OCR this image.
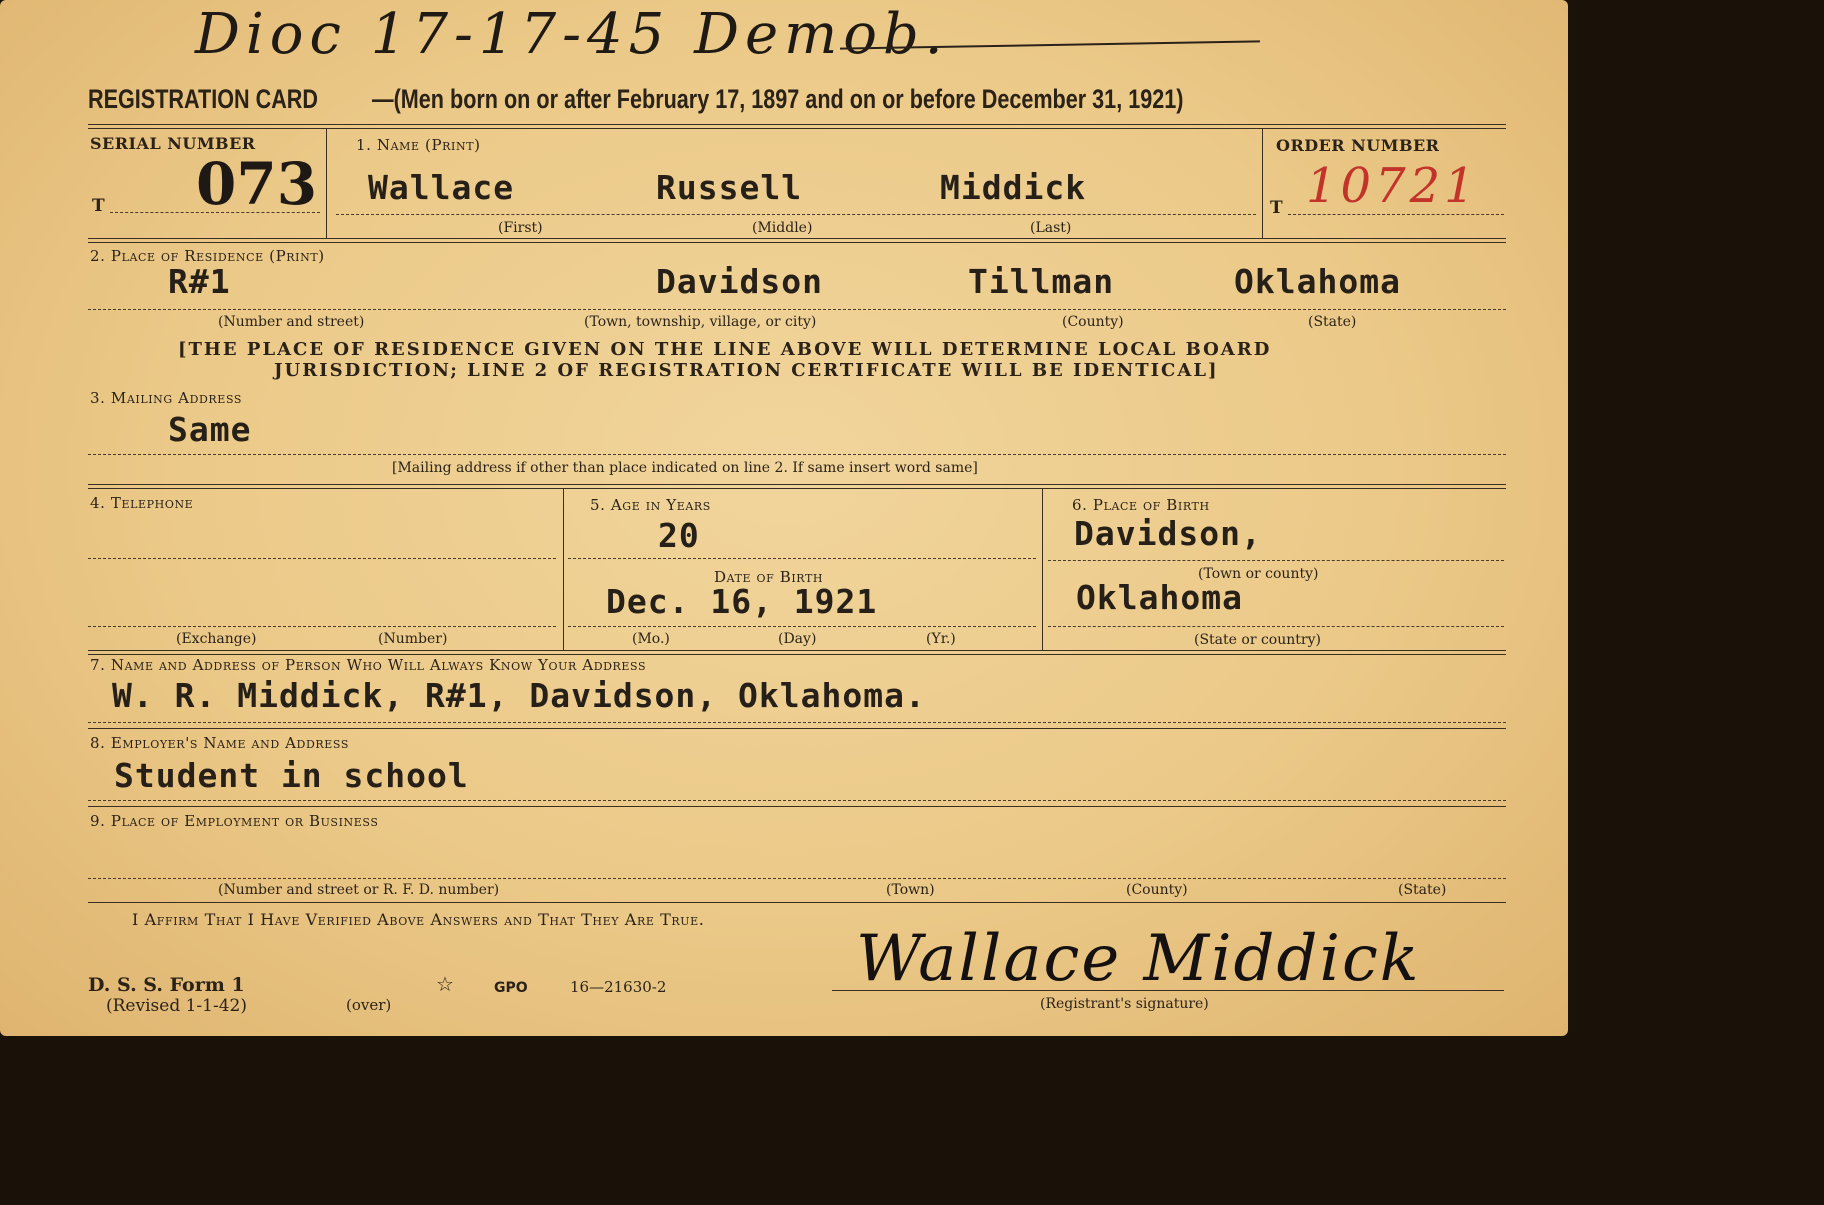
Dioc 17-17-45 Demob.
REGISTRATION CARD —(Men born on or after February 17, 1897 and on or before December 31, 1921)
SERIAL NUMBER
T 073
1. Name (Print)
Wallace	Russell	Middick
(First)	(Middle)	(Last)
ORDER NUMBER
T 10721
2. Place of Residence (Print)
R#1	Davidson	Tillman	Oklahoma
(Number and street)	(Town, township, village, or city)	(County)	(State)
[THE PLACE OF RESIDENCE GIVEN ON THE LINE ABOVE WILL DETERMINE LOCAL BOARD
JURISDICTION; LINE 2 OF REGISTRATION CERTIFICATE WILL BE IDENTICAL]
3. Mailing Address
Same
[Mailing address if other than place indicated on line 2. If same insert word same]
4. Telephone
(Exchange)	(Number)
5. Age in Years
20
Date of Birth
Dec. 16, 1921
(Mo.)	(Day)	(Yr.)
6. Place of Birth
Davidson,
(Town or county)
Oklahoma
(State or country)
7. Name and Address of Person Who Will Always Know Your Address
W. R. Middick, R#1, Davidson, Oklahoma.
8. Employer's Name and Address
Student in school
9. Place of Employment or Business
(Number and street or R. F. D. number)	(Town)	(County)	(State)
I Affirm That I Have Verified Above Answers and That They Are True.
Wallace Middick
(Registrant's signature)
D. S. S. Form 1
(Revised 1-1-42)	(over)
☆	GPO	16—21630-2
